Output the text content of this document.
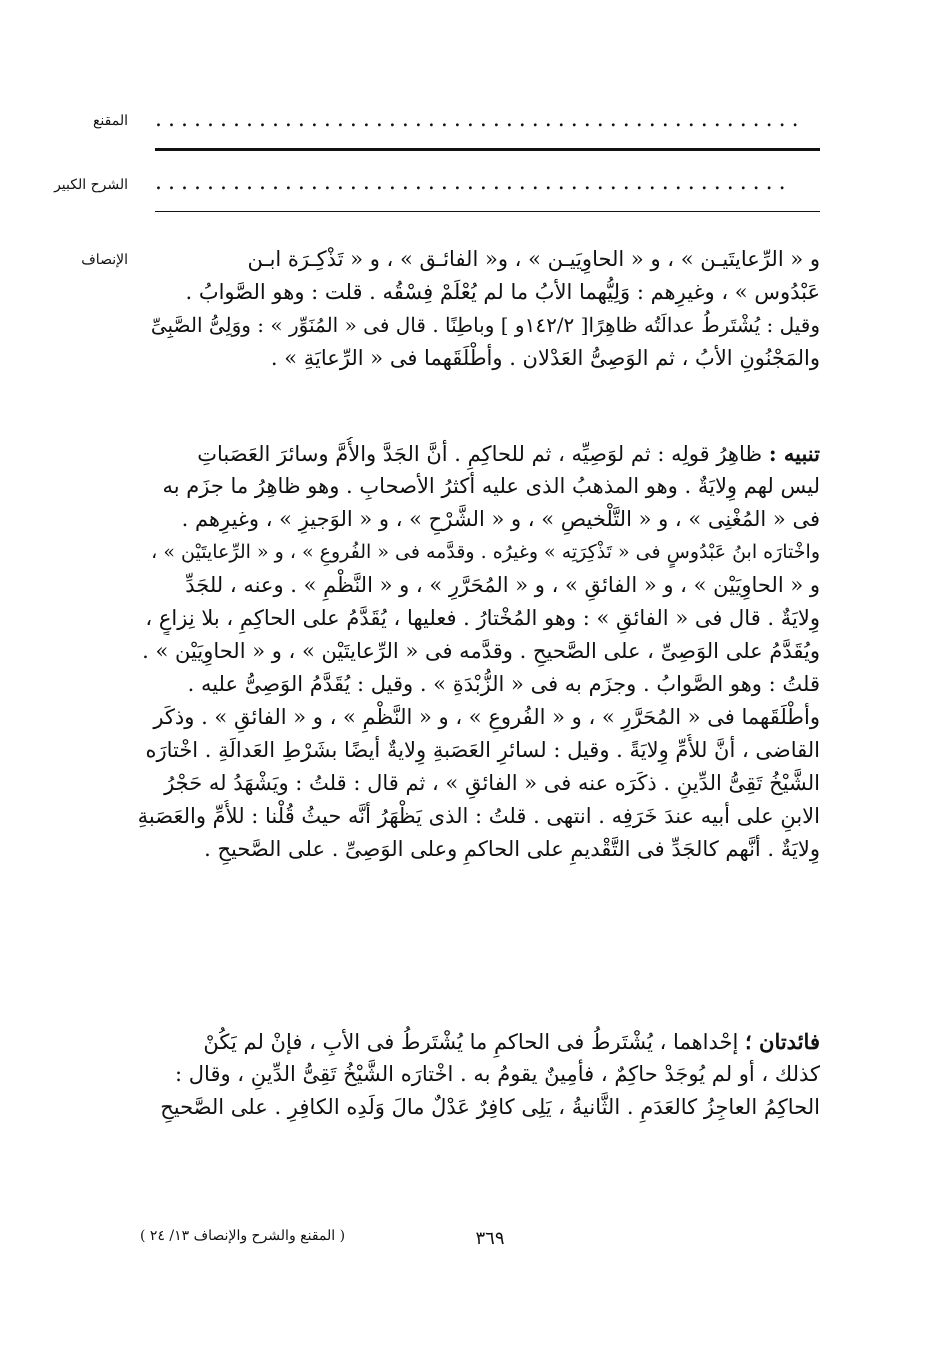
المقنع ..................................................
الشرح الكبير .................................................
الإنصاف	و « الرِّعايتَيـن » ، و « الحاوِيَيـن » ، و« الفائـق » ، و « تَذْكِـرَة ابـن
عَبْدُوس » ، وغيرِهم : وَلِيُّهما الأبُ ما لم يُعْلَمْ فِسْقُه . قلت : وهو الصَّوابُ .
وقيل : يُشْتَرطُ عدالَتُه ظاهِرًا[ ١٤٢/٢و ] وباطِنًا . قال فى « المُنَوِّر » : ووَلِىُّ الصَّبِىِّ
والمَجْنُونِ الأبُ ، ثم الوَصِىُّ العَدْلان . وأطْلَقَهما فى « الرِّعايَةِ » .
تنبيه : ظاهِرُ قولِه : ثم لوَصِيِّه ، ثم للحاكِمِ . أنَّ الجَدَّ والأُمَّ وسائرَ العَصَباتِ
ليس لهم وِلايَةٌ . وهو المذهبُ الذى عليه أكثرُ الأصحابِ . وهو ظاهِرُ ما جزَم به
فى « المُغْنِى » ، و « التَّلْخيصِ » ، و « الشَّرْحِ » ، و « الوَجيزِ » ، وغيرِهم .
واخْتارَه ابنُ عَبْدُوسٍ فى « تَذْكِرَتِه » وغيرُه . وقدَّمه فى « الفُروعِ » ، و « الرِّعايتَيْن » ،
و « الحاوِيَيْن » ، و « الفائقِ » ، و « المُحَرَّرِ » ، و « النَّظْمِ » . وعنه ، للجَدِّ
وِلايَةٌ . قال فى « الفائقِ » : وهو المُخْتارُ . فعليها ، يُقَدَّمُ على الحاكِمِ ، بلا نِزاعٍ ،
ويُقَدَّمُ على الوَصِىِّ ، على الصَّحيحِ . وقدَّمه فى « الرِّعايتَيْن » ، و « الحاوِيَيْن » .
قلتُ : وهو الصَّوابُ . وجزَم به فى « الزُّبْدَةِ » . وقيل : يُقَدَّمُ الوَصِىُّ عليه .
وأطْلَقَهما فى « المُحَرَّرِ » ، و « الفُروعِ » ، و « النَّظْمِ » ، و « الفائقِ » . وذكَر
القاضى ، أنَّ للأُمِّ وِلايَةً . وقيل : لسائرِ العَصَبةِ وِلايةٌ أيضًا بشَرْطِ العَدالَةِ . اخْتارَه
الشَّيْخُ تَقِىُّ الدِّينِ . ذكَرَه عنه فى « الفائقِ » ، ثم قال : قلتُ : ويَشْهَدُ له حَجْرُ
الابنِ على أبيه عندَ خَرَفِه . انتهى . قلتُ : الذى يَظْهَرُ أنَّه حيثُ قُلْنا : للأُمِّ والعَصَبةِ
وِلايَةٌ . أنَّهم كالجَدِّ فى التَّقْديمِ على الحاكمِ وعلى الوَصِىِّ . على الصَّحيحِ .
فائدتان ؛ إحْداهما ، يُشْتَرطُ فى الحاكمِ ما يُشْتَرطُ فى الأبِ ، فإنْ لم يَكُنْ
كذلك ، أو لم يُوجَدْ حاكِمٌ ، فأمِينٌ يقومُ به . اخْتارَه الشَّيْخُ تَقِىُّ الدِّينِ ، وقال :
الحاكِمُ العاجِزُ كالعَدَمِ . الثَّانيةُ ، يَلِى كافِرٌ عَدْلٌ مالَ وَلَدِه الكافِرِ . على الصَّحيحِ
٣٦٩
( المقنع والشرح والإنصاف ١٣/ ٢٤ )
